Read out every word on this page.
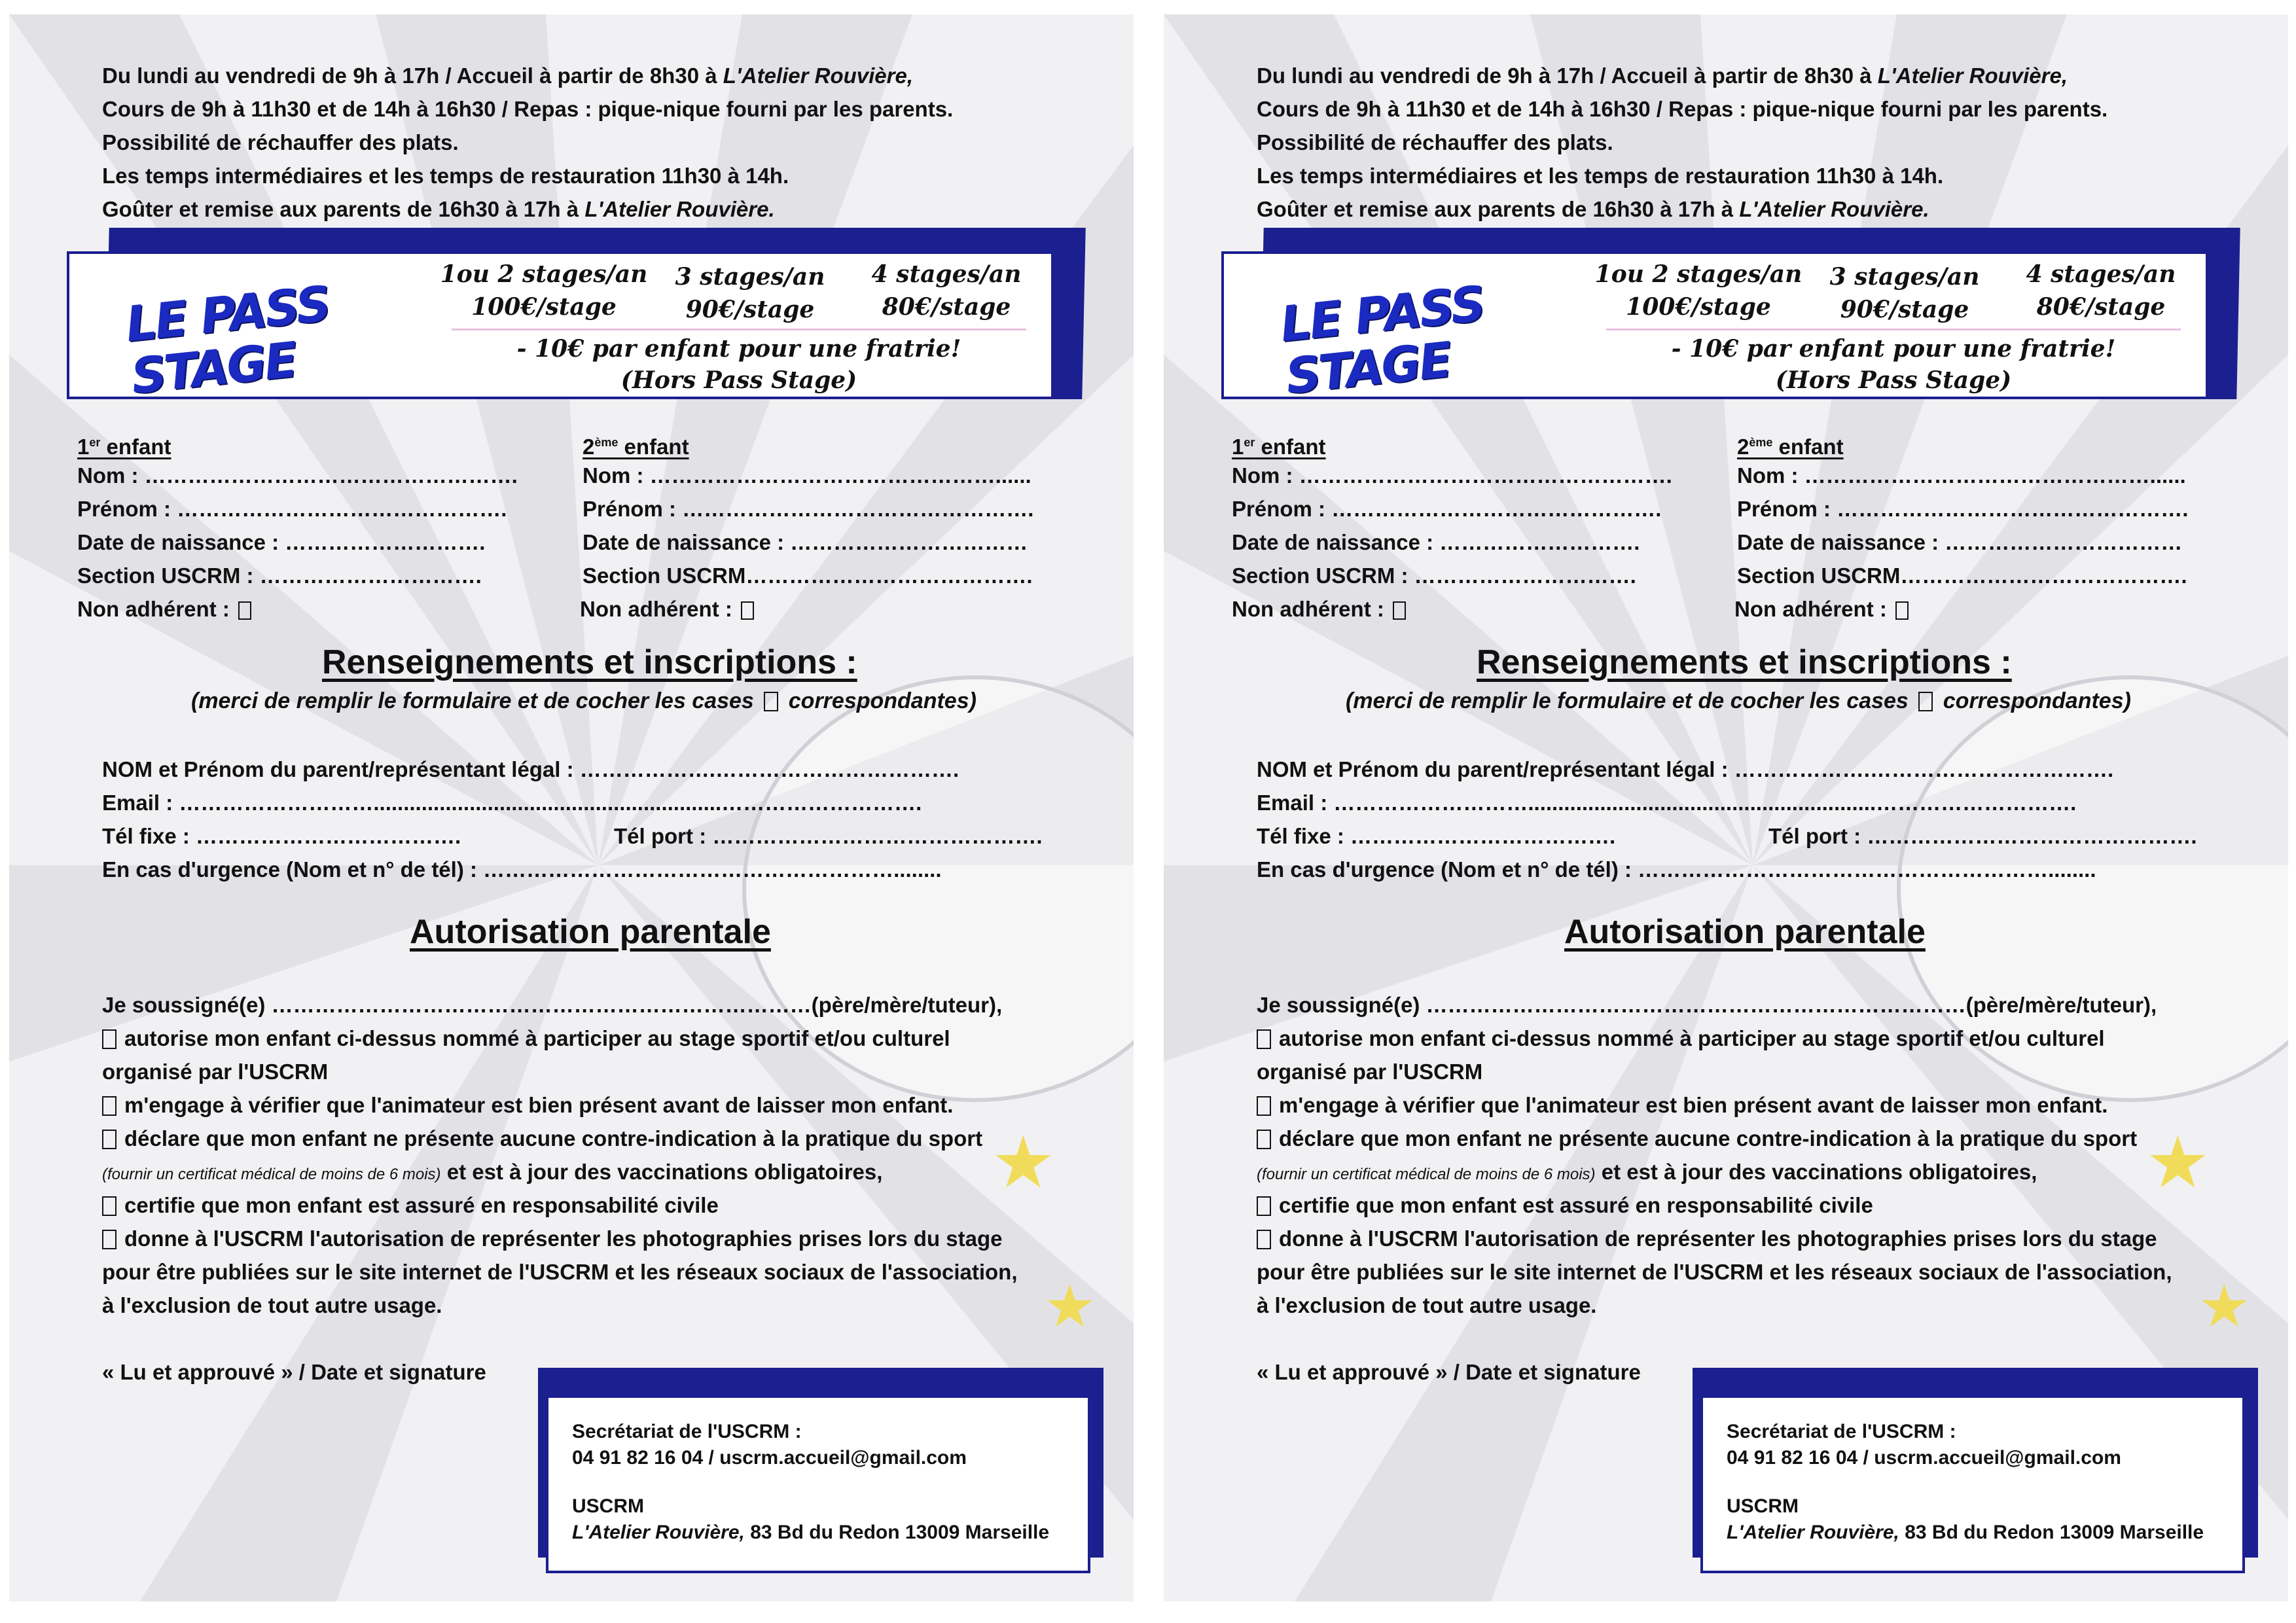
★
★
Du lundi au vendredi de 9h à 17h / Accueil à partir de 8h30 à L'Atelier Rouvière,
Cours de 9h à 11h30 et de 14h à 16h30 / Repas : pique-nique fourni par les parents.
Possibilité de réchauffer des plats.
Les temps intermédiaires et les temps de restauration 11h30 à 14h.
Goûter et remise aux parents de 16h30 à 17h à L'Atelier Rouvière.
LE PASS
STAGE
1ou 2 stages/an
100€/stage
3 stages/an
90€/stage
4 stages/an
80€/stage
- 10€ par enfant pour une fratrie!
(Hors Pass Stage)
1er enfant
Nom : …………………………………………….
Prénom : ……………………………………….
Date de naissance : ……………………….
Section USCRM : ………………………….
Non adhérent :
2ème enfant
Nom : …………………………………………......
Prénom : ………………………………………….
Date de naissance : ……………………………
Section USCRM………………………………….
Non adhérent :
Renseignements et inscriptions :
(merci de remplir le formulaire et de cocher les cases correspondantes)
NOM et Prénom du parent/représentant légal : ……………….…………………………….
Email : ………………………..........................................................……………………….
Tél fixe : ……………………………….	Tél port : ……………………………………….
En cas d'urgence (Nom et n° de tél) : …………………………………………………........
Autorisation parentale
Je soussigné(e) …………………………………………………………………(père/mère/tuteur),
autorise mon enfant ci-dessus nommé à participer au stage sportif et/ou culturel
organisé par l'USCRM
m'engage à vérifier que l'animateur est bien présent avant de laisser mon enfant.
déclare que mon enfant ne présente aucune contre-indication à la pratique du sport
(fournir un certificat médical de moins de 6 mois) et est à jour des vaccinations obligatoires,
certifie que mon enfant est assuré en responsabilité civile
donne à l'USCRM l'autorisation de représenter les photographies prises lors du stage
pour être publiées sur le site internet de l'USCRM et les réseaux sociaux de l'association,
à l'exclusion de tout autre usage.
« Lu et approuvé » / Date et signature
Secrétariat de l'USCRM :
04 91 82 16 04 / uscrm.accueil@gmail.com
USCRM
L'Atelier Rouvière, 83 Bd du Redon 13009 Marseille
★
★
Du lundi au vendredi de 9h à 17h / Accueil à partir de 8h30 à L'Atelier Rouvière,
Cours de 9h à 11h30 et de 14h à 16h30 / Repas : pique-nique fourni par les parents.
Possibilité de réchauffer des plats.
Les temps intermédiaires et les temps de restauration 11h30 à 14h.
Goûter et remise aux parents de 16h30 à 17h à L'Atelier Rouvière.
LE PASS
STAGE
1ou 2 stages/an
100€/stage
3 stages/an
90€/stage
4 stages/an
80€/stage
- 10€ par enfant pour une fratrie!
(Hors Pass Stage)
1er enfant
Nom : …………………………………………….
Prénom : ……………………………………….
Date de naissance : ……………………….
Section USCRM : ………………………….
Non adhérent :
2ème enfant
Nom : …………………………………………......
Prénom : ………………………………………….
Date de naissance : ……………………………
Section USCRM………………………………….
Non adhérent :
Renseignements et inscriptions :
(merci de remplir le formulaire et de cocher les cases correspondantes)
NOM et Prénom du parent/représentant légal : ……………….…………………………….
Email : ………………………..........................................................……………………….
Tél fixe : ……………………………….	Tél port : ……………………………………….
En cas d'urgence (Nom et n° de tél) : …………………………………………………........
Autorisation parentale
Je soussigné(e) …………………………………………………………………(père/mère/tuteur),
autorise mon enfant ci-dessus nommé à participer au stage sportif et/ou culturel
organisé par l'USCRM
m'engage à vérifier que l'animateur est bien présent avant de laisser mon enfant.
déclare que mon enfant ne présente aucune contre-indication à la pratique du sport
(fournir un certificat médical de moins de 6 mois) et est à jour des vaccinations obligatoires,
certifie que mon enfant est assuré en responsabilité civile
donne à l'USCRM l'autorisation de représenter les photographies prises lors du stage
pour être publiées sur le site internet de l'USCRM et les réseaux sociaux de l'association,
à l'exclusion de tout autre usage.
« Lu et approuvé » / Date et signature
Secrétariat de l'USCRM :
04 91 82 16 04 / uscrm.accueil@gmail.com
USCRM
L'Atelier Rouvière, 83 Bd du Redon 13009 Marseille
